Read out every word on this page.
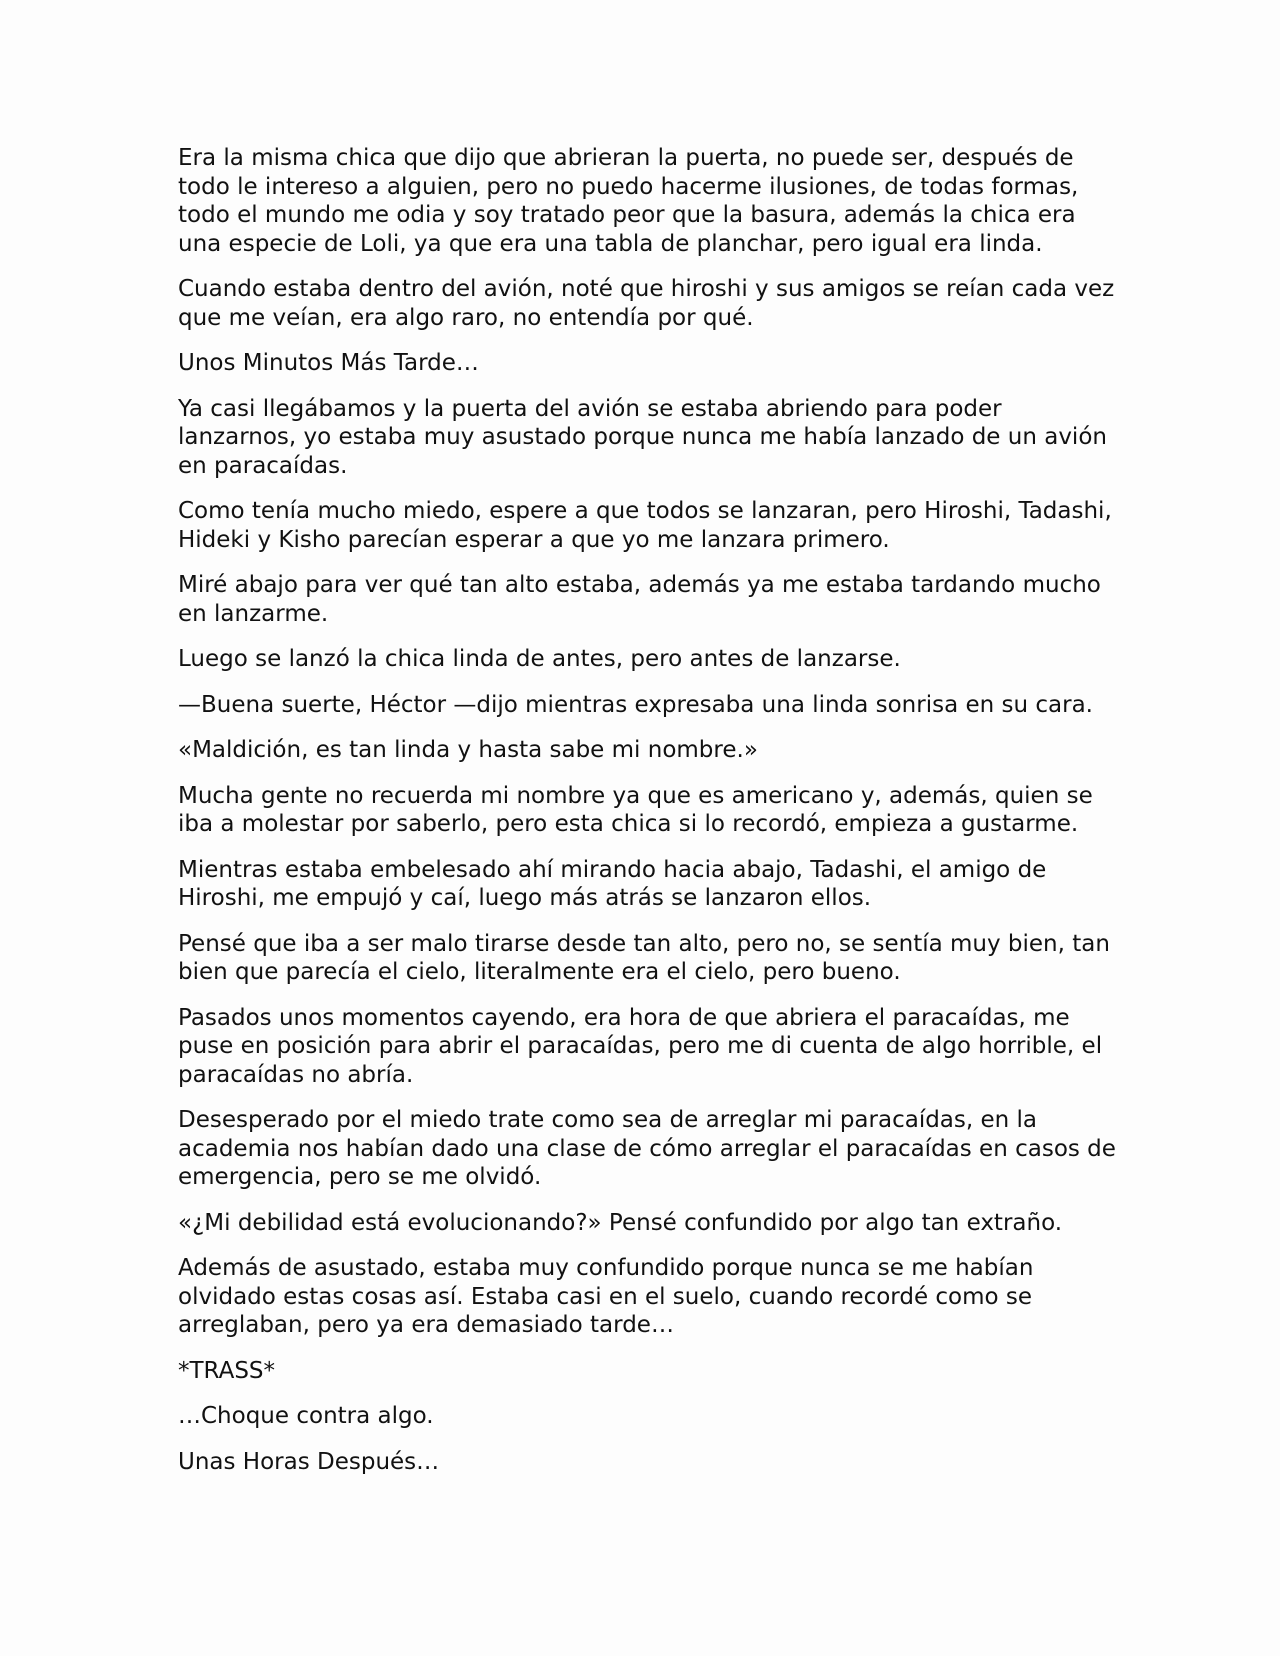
Era la misma chica que dijo que abrieran la puerta, no puede ser, después de todo le intereso a alguien, pero no puedo hacerme ilusiones, de todas formas, todo el mundo me odia y soy tratado peor que la basura, además la chica era una especie de Loli, ya que era una tabla de planchar, pero igual era linda.

Cuando estaba dentro del avión, noté que hiroshi y sus amigos se reían cada vez que me veían, era algo raro, no entendía por qué.

Unos Minutos Más Tarde…

Ya casi llegábamos y la puerta del avión se estaba abriendo para poder lanzarnos, yo estaba muy asustado porque nunca me había lanzado de un avión en paracaídas.

Como tenía mucho miedo, espere a que todos se lanzaran, pero Hiroshi, Tadashi, Hideki y Kisho parecían esperar a que yo me lanzara primero.

Miré abajo para ver qué tan alto estaba, además ya me estaba tardando mucho en lanzarme.

Luego se lanzó la chica linda de antes, pero antes de lanzarse.

—Buena suerte, Héctor —dijo mientras expresaba una linda sonrisa en su cara.

«Maldición, es tan linda y hasta sabe mi nombre.»

Mucha gente no recuerda mi nombre ya que es americano y, además, quien se iba a molestar por saberlo, pero esta chica si lo recordó, empieza a gustarme.

Mientras estaba embelesado ahí mirando hacia abajo, Tadashi, el amigo de Hiroshi, me empujó y caí, luego más atrás se lanzaron ellos.

Pensé que iba a ser malo tirarse desde tan alto, pero no, se sentía muy bien, tan bien que parecía el cielo, literalmente era el cielo, pero bueno.

Pasados unos momentos cayendo, era hora de que abriera el paracaídas, me puse en posición para abrir el paracaídas, pero me di cuenta de algo horrible, el paracaídas no abría.

Desesperado por el miedo trate como sea de arreglar mi paracaídas, en la academia nos habían dado una clase de cómo arreglar el paracaídas en casos de emergencia, pero se me olvidó.

«¿Mi debilidad está evolucionando?» Pensé confundido por algo tan extraño.

Además de asustado, estaba muy confundido porque nunca se me habían olvidado estas cosas así. Estaba casi en el suelo, cuando recordé como se arreglaban, pero ya era demasiado tarde…

*TRASS*

…Choque contra algo.

Unas Horas Después…
